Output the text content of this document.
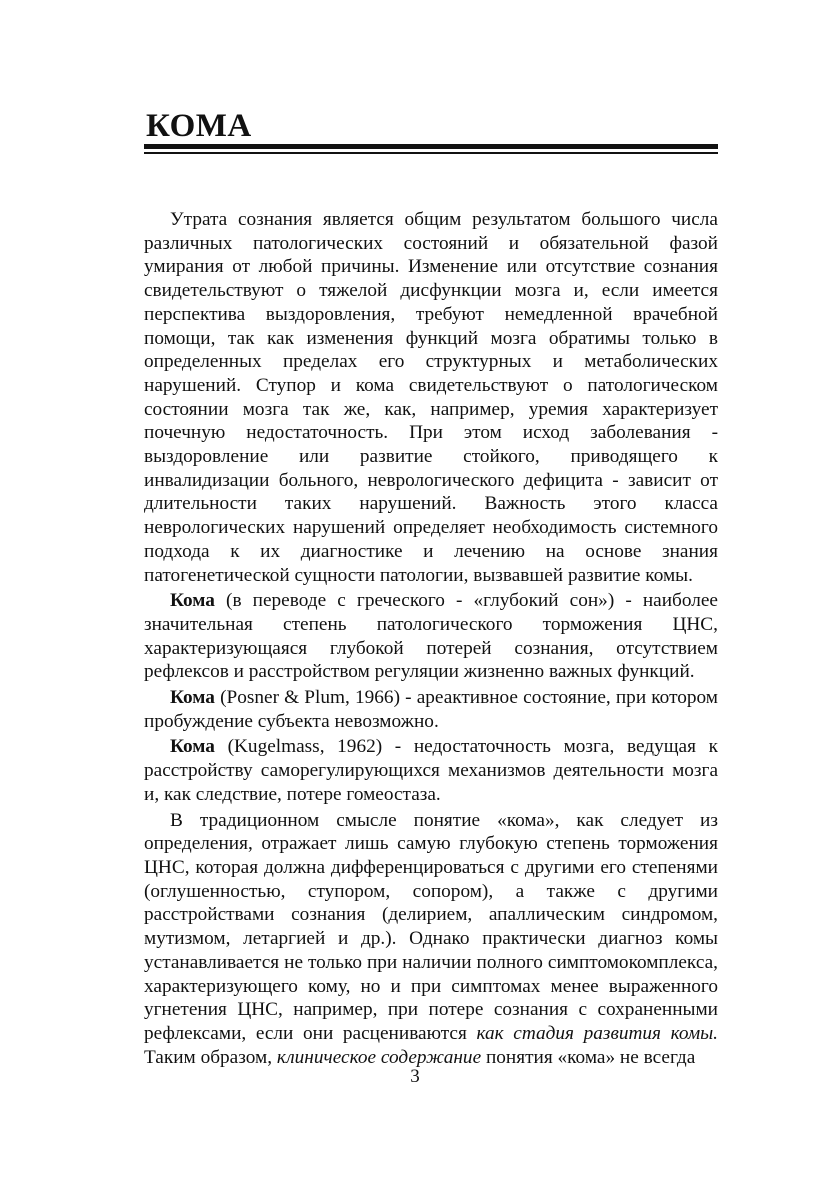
КОМА

Утрата сознания является общим результатом большого числа различных патологических состояний и обязательной фазой умирания от любой причины. Изменение или отсутствие сознания свидетельствуют о тяжелой дисфункции мозга и, если имеется перспектива выздоровления, требуют немедленной врачебной помощи, так как изменения функций мозга обратимы только в определенных пределах его структурных и метаболических нарушений. Ступор и кома свидетельствуют о патологическом состоянии мозга так же, как, например, уремия характеризует почечную недостаточность. При этом исход заболевания - выздоровление или развитие стойкого, приводящего к инвалидизации больного, неврологического дефицита - зависит от длительности таких нарушений. Важность этого класса неврологических нарушений определяет необходимость системного подхода к их диагностике и лечению на основе знания патогенетической сущности патологии, вызвавшей развитие комы.

Кома (в переводе с греческого - «глубокий сон») - наиболее значительная степень патологического торможения ЦНС, характеризующаяся глубокой потерей сознания, отсутствием рефлексов и расстройством регуляции жизненно важных функций.

Кома (Posner & Plum, 1966) - ареактивное состояние, при котором пробуждение субъекта невозможно.

Кома (Kugelmass, 1962) - недостаточность мозга, ведущая к расстройству саморегулирующихся механизмов деятельности мозга и, как следствие, потере гомеостаза.

В традиционном смысле понятие «кома», как следует из определения, отражает лишь самую глубокую степень торможения ЦНС, которая должна дифференцироваться с другими его степенями (оглушенностью, ступором, сопором), а также с другими расстройствами сознания (делирием, апаллическим синдромом, мутизмом, летаргией и др.). Однако практически диагноз комы устанавливается не только при наличии полного симптомокомплекса, характеризующего кому, но и при симптомах менее выраженного угнетения ЦНС, например, при потере сознания с сохраненными рефлексами, если они расцениваются как стадия развития комы. Таким образом, клиническое содержание понятия «кома» не всегда

3
